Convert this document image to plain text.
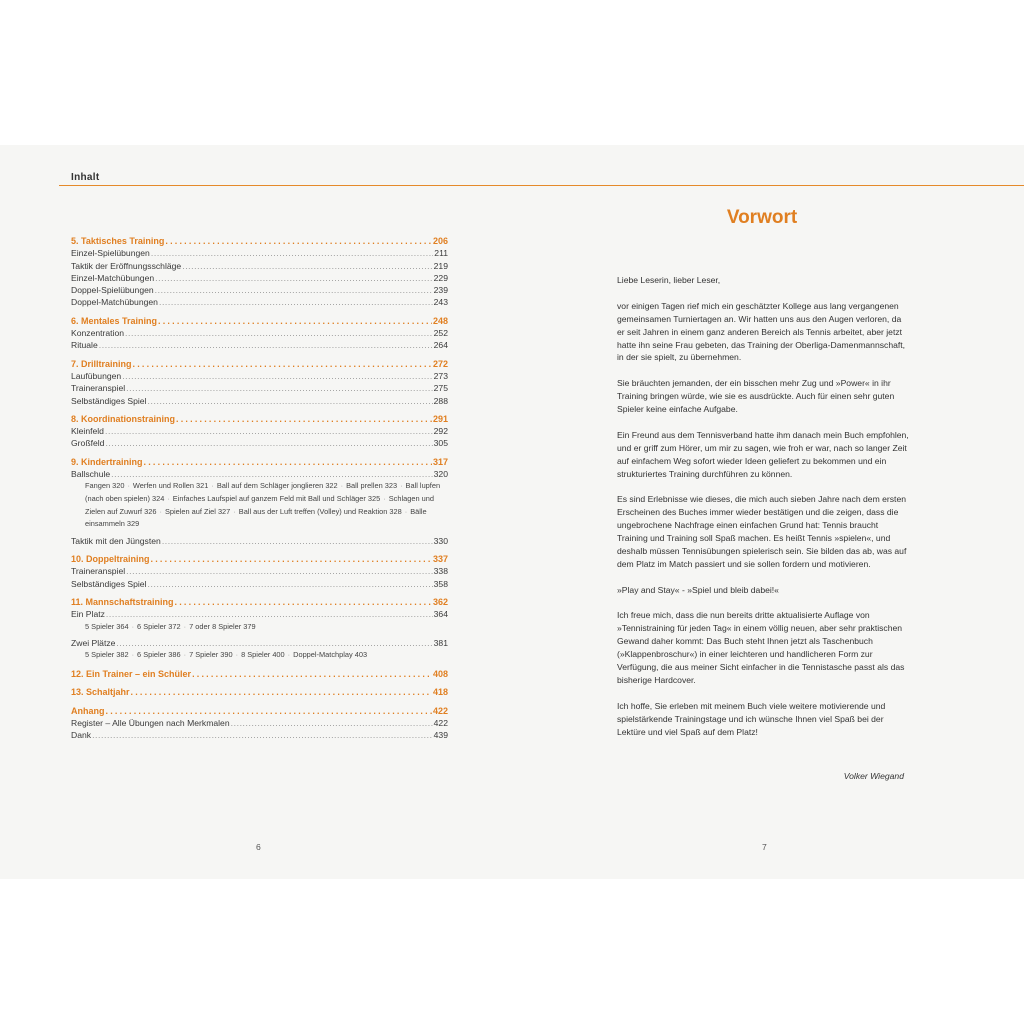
Inhalt
5. Taktisches Training .....	206
Einzel-Spielübungen .....	211
Taktik der Eröffnungsschläge .....	219
Einzel-Matchübungen .....	229
Doppel-Spielübungen .....	239
Doppel-Matchübungen .....	243
6. Mentales Training .....	248
Konzentration .....	252
Rituale .....	264
7. Drilltraining .....	272
Laufübungen .....	273
Traineranspiel .....	275
Selbständiges Spiel .....	288
8. Koordinationstraining .....	291
Kleinfeld .....	292
Großfeld .....	305
9. Kindertraining .....	317
Ballschule .....	320
Fangen 320 · Werfen und Rollen 321 · Ball auf dem Schläger jonglieren 322 · Ball prellen 323 · Ball lupfen (nach oben spielen) 324 · Einfaches Laufspiel auf ganzem Feld mit Ball und Schläger 325 · Schlagen und Zielen auf Zuwurf 326 · Spielen auf Ziel 327 · Ball aus der Luft treffen (Volley) und Reaktion 328 · Bälle einsammeln 329
Taktik mit den Jüngsten .....	330
10. Doppeltraining .....	337
Traineranspiel .....	338
Selbständiges Spiel .....	358
11. Mannschaftstraining .....	362
Ein Platz .....	364
5 Spieler 364 · 6 Spieler 372 · 7 oder 8 Spieler 379
Zwei Plätze .....	381
5 Spieler 382 · 6 Spieler 386 · 7 Spieler 390 · 8 Spieler 400 · Doppel-Matchplay 403
12. Ein Trainer – ein Schüler .....	408
13. Schaltjahr .....	418
Anhang .....	422
Register – Alle Übungen nach Merkmalen .....	422
Dank .....	439
Vorwort

Liebe Leserin, lieber Leser,

vor einigen Tagen rief mich ein geschätzter Kollege aus lang vergangenen gemeinsamen Turniertagen an. Wir hatten uns aus den Augen verloren, da er seit Jahren in einem ganz anderen Bereich als Tennis arbeitet, aber jetzt hatte ihn seine Frau gebeten, das Training der Oberliga-Damenmannschaft, in der sie spielt, zu übernehmen.

Sie bräuchten jemanden, der ein bisschen mehr Zug und »Power« in ihr Training bringen würde, wie sie es ausdrückte. Auch für einen sehr guten Spieler keine einfache Aufgabe.

Ein Freund aus dem Tennisverband hatte ihm danach mein Buch empfohlen, und er griff zum Hörer, um mir zu sagen, wie froh er war, nach so langer Zeit auf einfachem Weg sofort wieder Ideen geliefert zu bekommen und ein strukturiertes Training durchführen zu können.

Es sind Erlebnisse wie dieses, die mich auch sieben Jahre nach dem ersten Erscheinen des Buches immer wieder bestätigen und die zeigen, dass die ungebrochene Nachfrage einen einfachen Grund hat: Tennis braucht Training und Training soll Spaß machen. Es heißt Tennis »spielen«, und deshalb müssen Tennisübungen spielerisch sein. Sie bilden das ab, was auf dem Platz im Match passiert und sie sollen fordern und motivieren.

»Play and Stay« - »Spiel und bleib dabei!«

Ich freue mich, dass die nun bereits dritte aktualisierte Auflage von »Tennistraining für jeden Tag« in einem völlig neuen, aber sehr praktischen Gewand daher kommt: Das Buch steht Ihnen jetzt als Taschenbuch (»Klappenbroschur«) in einer leichteren und handlicheren Form zur Verfügung, die aus meiner Sicht einfacher in die Tennistasche passt als das bisherige Hardcover.

Ich hoffe, Sie erleben mit meinem Buch viele weitere motivierende und spielstärkende Trainingstage und ich wünsche Ihnen viel Spaß bei der Lektüre und viel Spaß auf dem Platz!

Volker Wiegand
6	7
